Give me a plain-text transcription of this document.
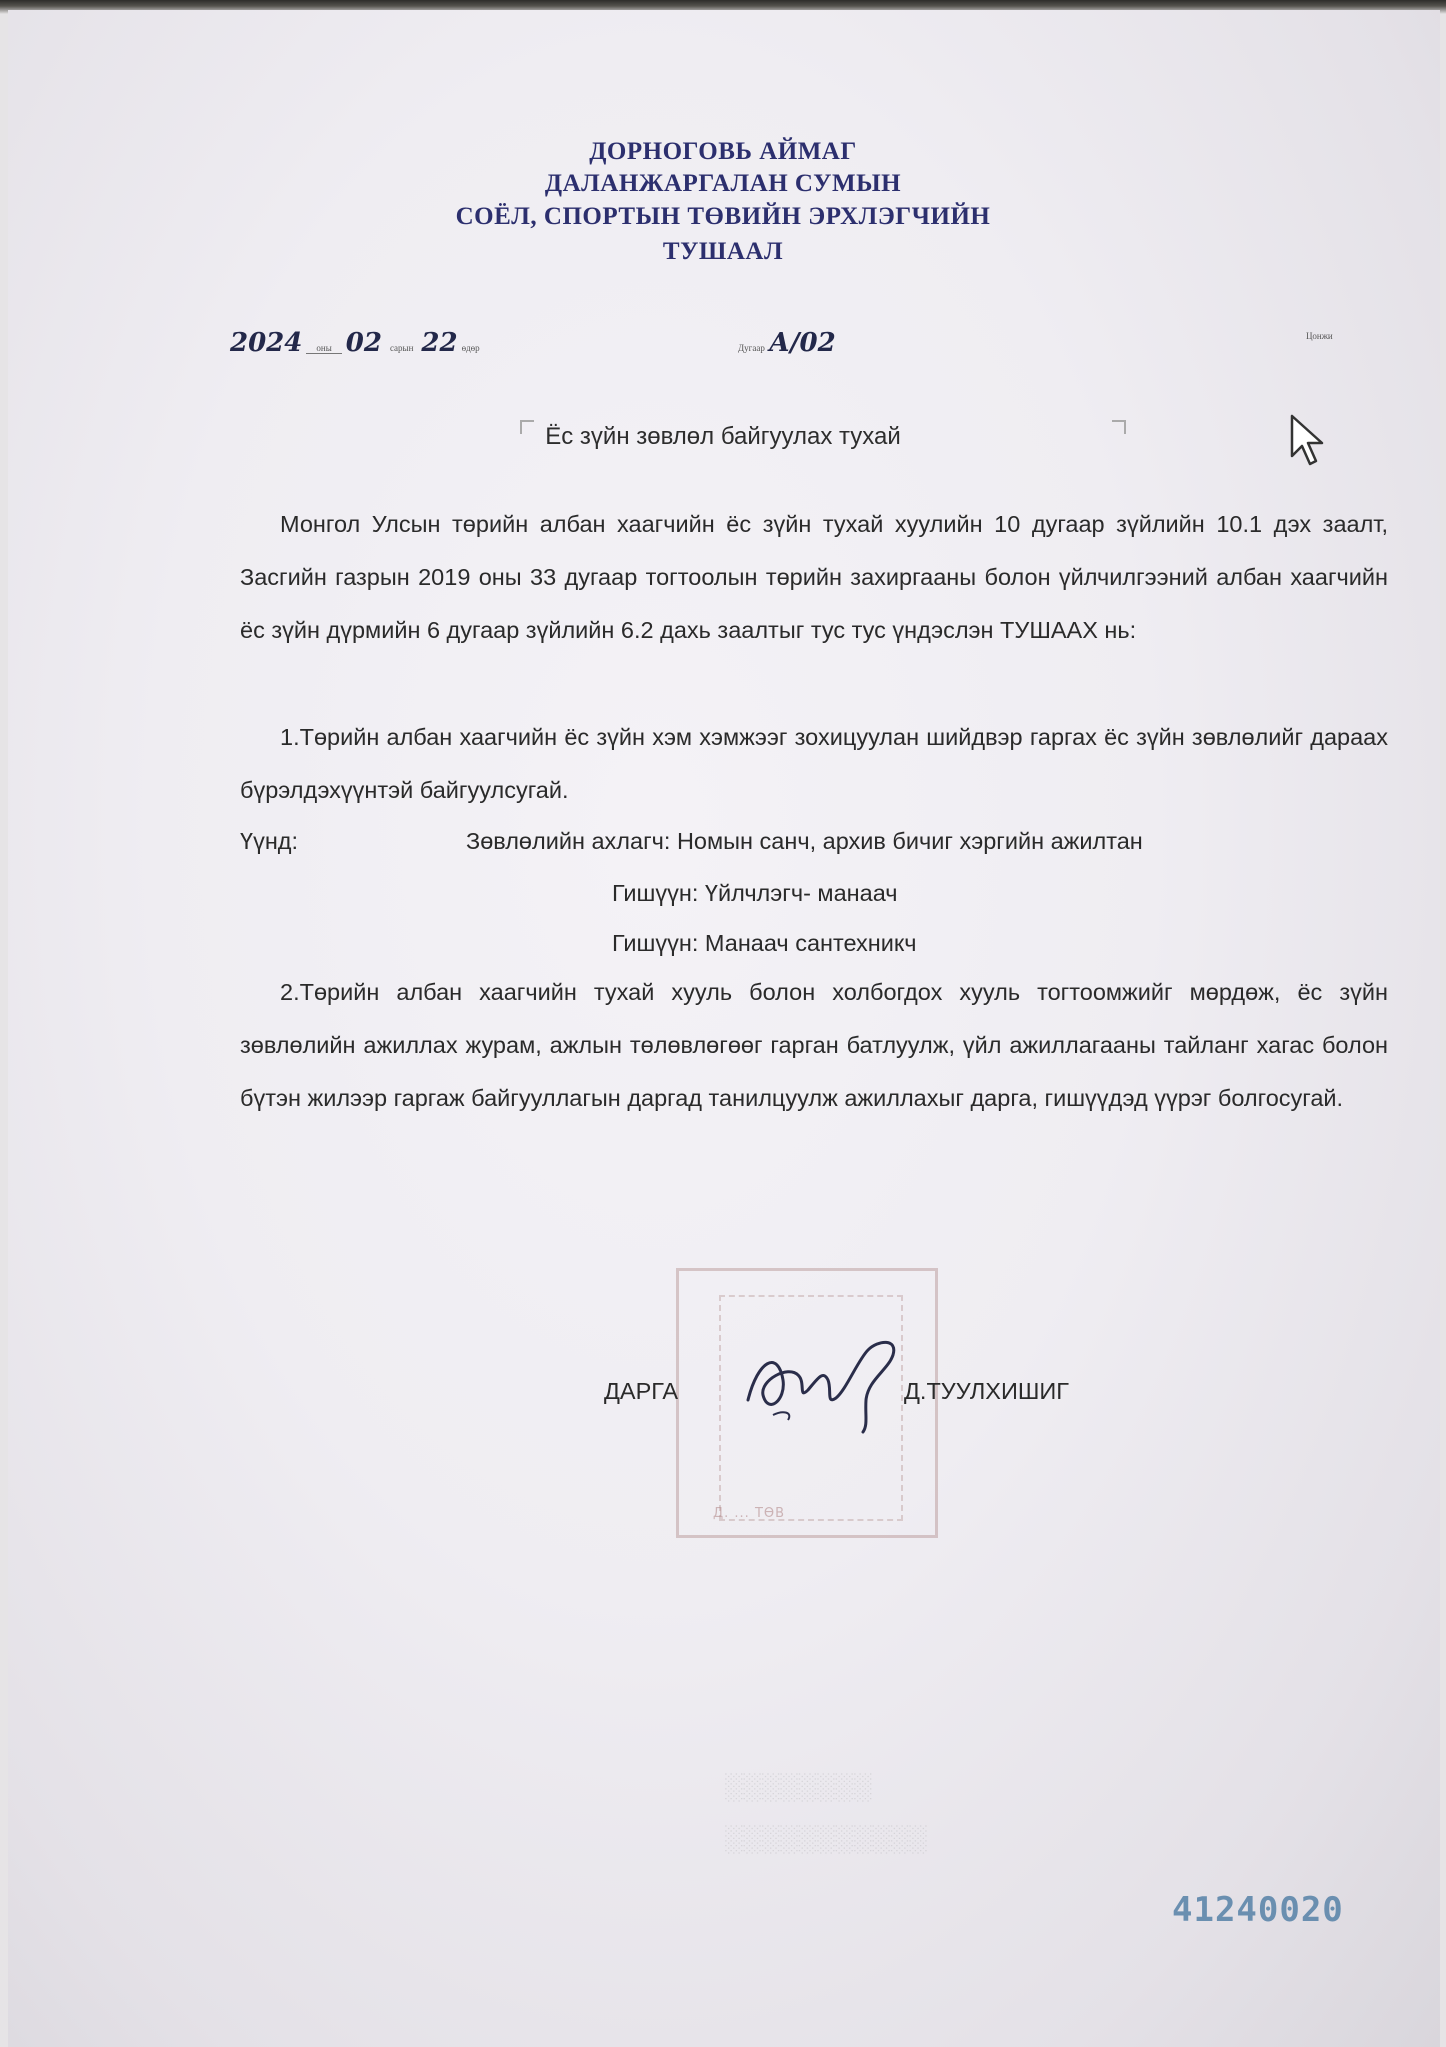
ДОРНОГОВЬ АЙМАГ
ДАЛАНЖАРГАЛАН СУМЫН
СОЁЛ, СПОРТЫН ТӨВИЙН ЭРХЛЭГЧИЙН
ТУШААЛ
2024 оны 02 сарын 22 өдөр	Дугаар А/02	Цонжи
Ёс зүйн зөвлөл байгуулах тухай
Монгол Улсын төрийн албан хаагчийн ёс зүйн тухай хуулийн 10 дугаар зүйлийн 10.1 дэх заалт, Засгийн газрын 2019 оны 33 дугаар тогтоолын төрийн захиргааны болон үйлчилгээний албан хаагчийн ёс зүйн дүрмийн 6 дугаар зүйлийн 6.2 дахь заалтыг тус тус үндэслэн ТУШААХ нь:
1.Төрийн албан хаагчийн ёс зүйн хэм хэмжээг зохицуулан шийдвэр гаргах ёс зүйн зөвлөлийг дараах бүрэлдэхүүнтэй байгуулсугай.
Үүнд:	Зөвлөлийн ахлагч: Номын санч, архив бичиг хэргийн ажилтан
Гишүүн: Үйлчлэгч- манаач
Гишүүн: Манаач сантехникч
2.Төрийн албан хаагчийн тухай хууль болон холбогдох хууль тогтоомжийг мөрдөж, ёс зүйн зөвлөлийн ажиллах журам, ажлын төлөвлөгөөг гарган батлуулж, үйл ажиллагааны тайланг хагас болон бүтэн жилээр гаргаж байгууллагын даргад танилцуулж ажиллахыг дарга, гишүүдэд үүрэг болгосугай.
Д. ... ТӨВ
ДАРГА	Д.ТУУЛХИШИГ
░░░░░░░░
░░░░░░░░░░░
41240020
